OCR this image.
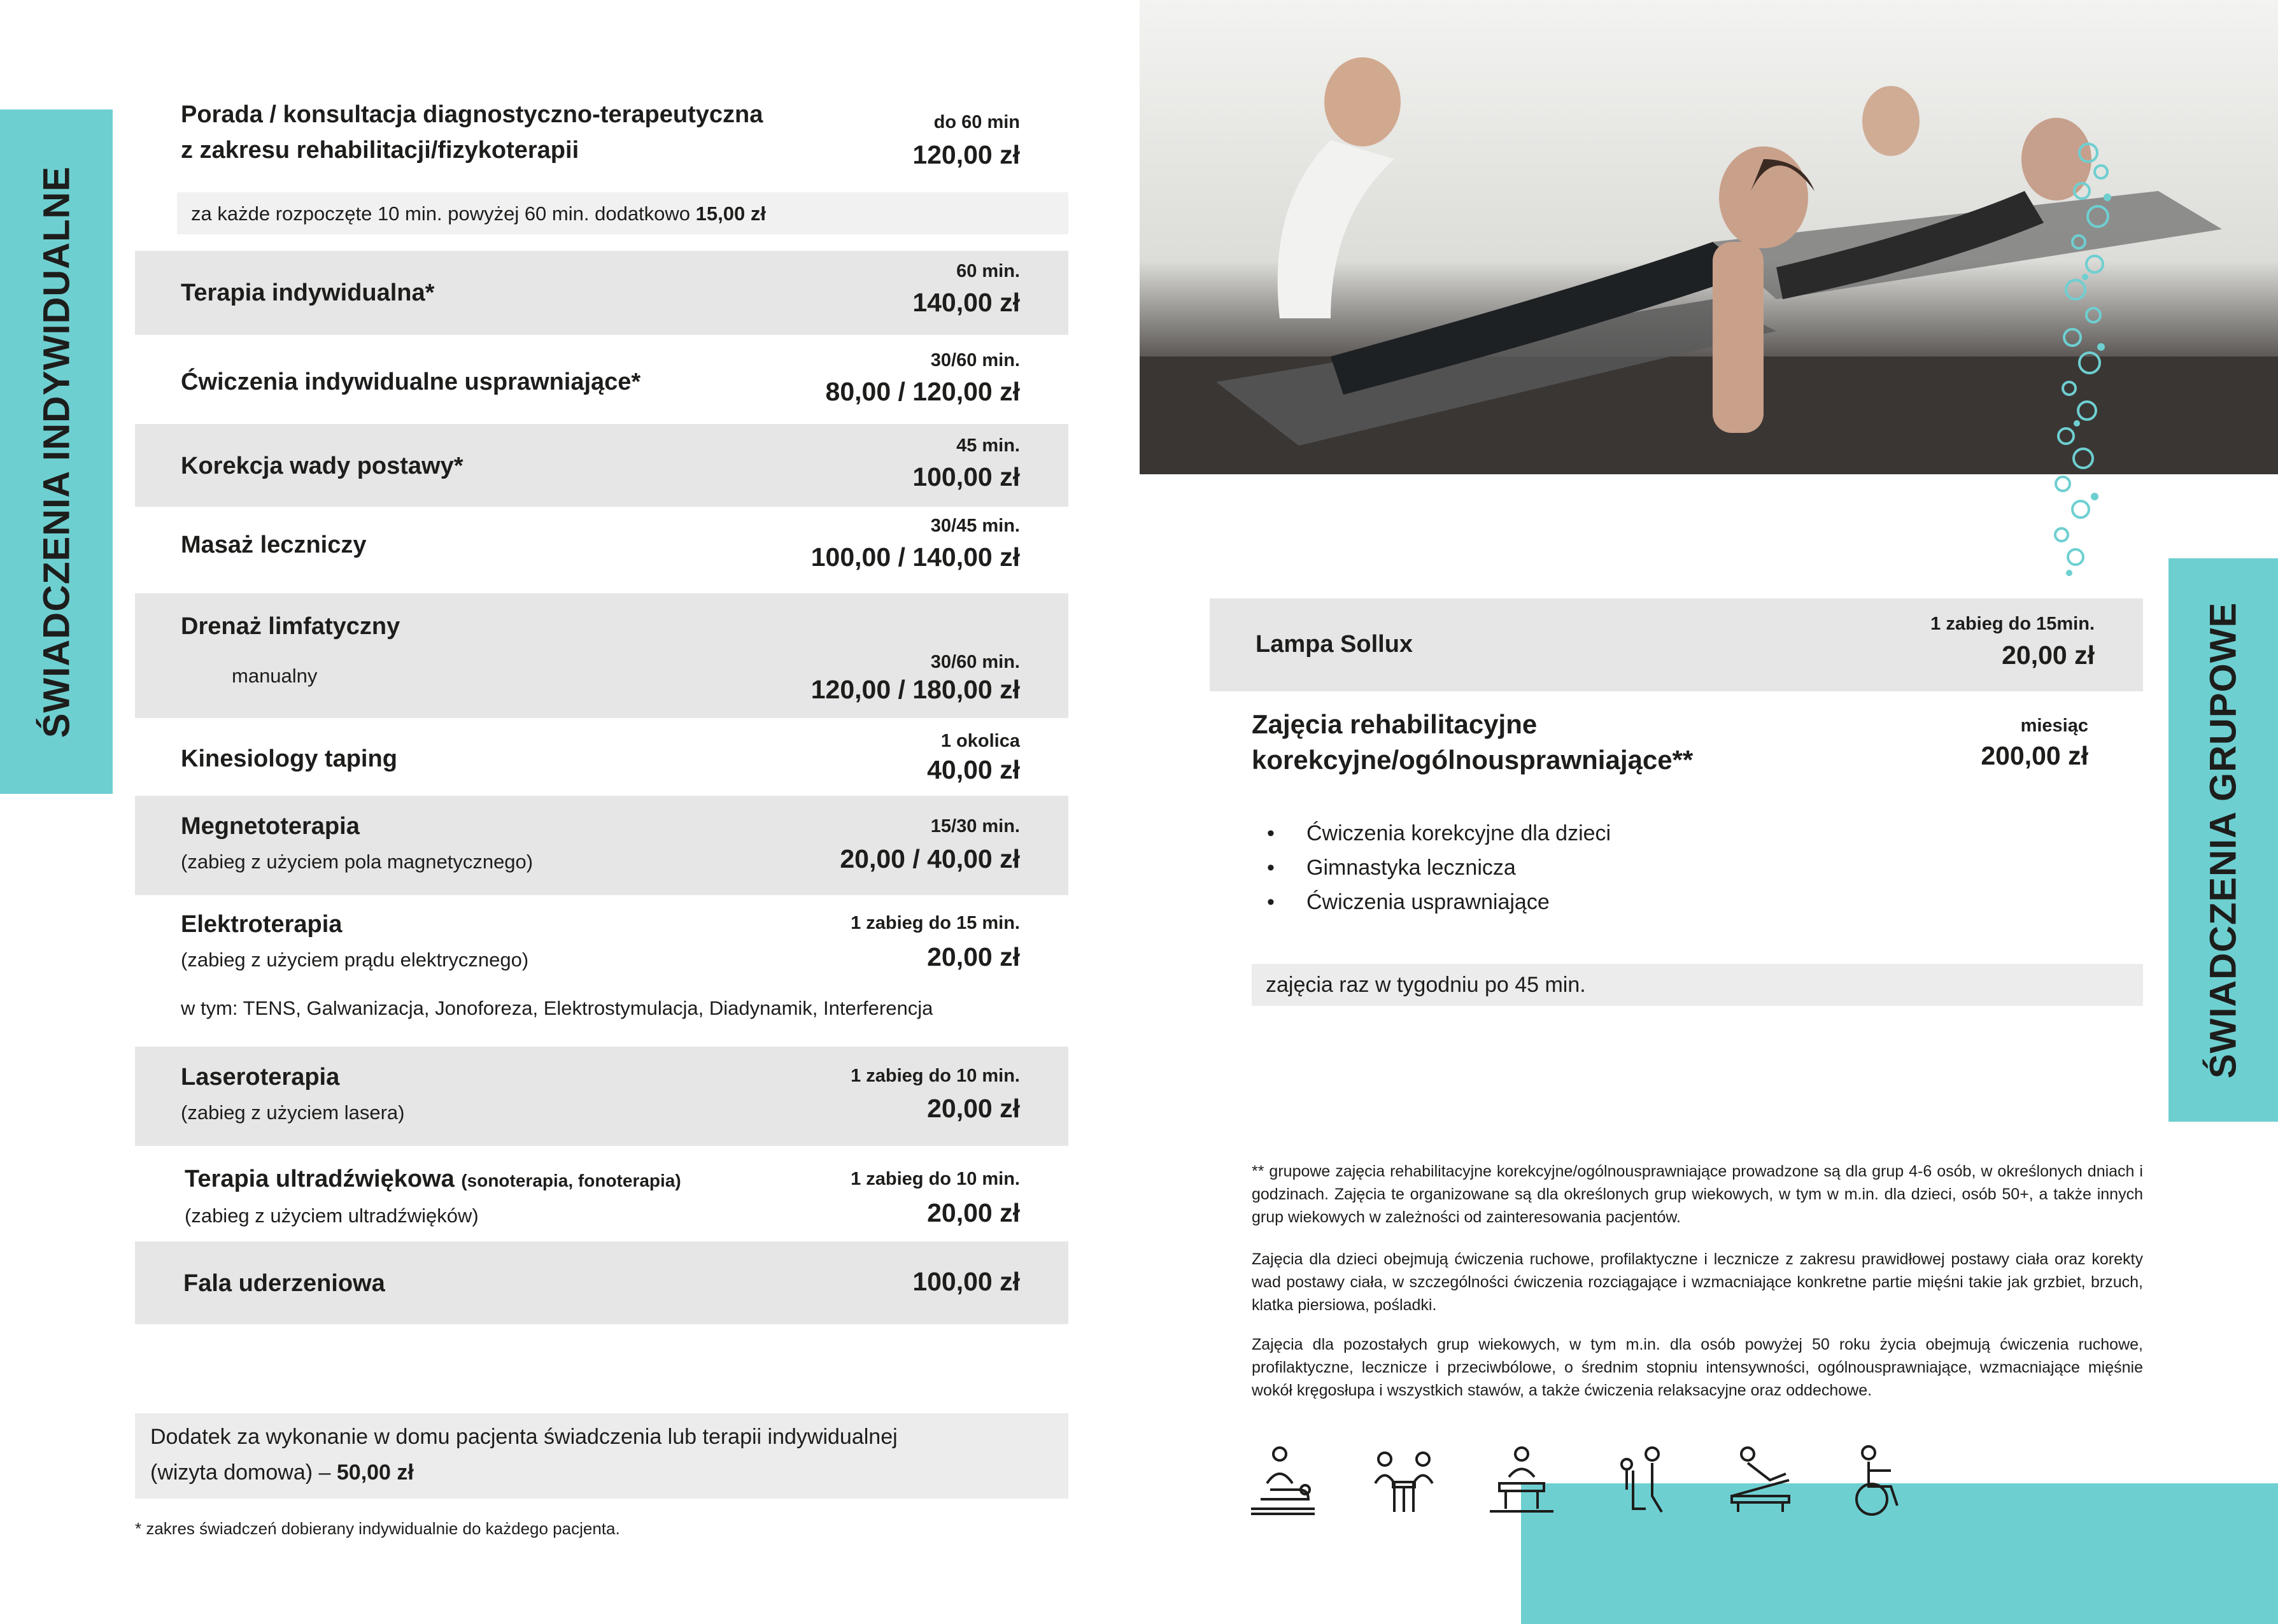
ŚWIADCZENIA INDYWIDUALNE
ŚWIADCZENIA GRUPOWE
Porada / konsultacja diagnostyczno-terapeutyczna
z zakresu rehabilitacji/fizykoterapii
do 60 min
120,00 zł
za każde rozpoczęte 10 min. powyżej 60 min. dodatkowo 15,00 zł
Terapia indywidualna*
60 min.
140,00 zł
Ćwiczenia indywidualne usprawniające*
30/60 min.
80,00 / 120,00 zł
Korekcja wady postawy*
45 min.
100,00 zł
Masaż leczniczy
30/45 min.
100,00 / 140,00 zł
Drenaż limfatyczny
manualny
30/60 min.
120,00 / 180,00 zł
Kinesiology taping
1 okolica
40,00 zł
Megnetoterapia
(zabieg z użyciem pola magnetycznego)
15/30 min.
20,00 / 40,00 zł
Elektroterapia
(zabieg z użyciem prądu elektrycznego)
1 zabieg do 15 min.
20,00 zł
w tym: TENS, Galwanizacja, Jonoforeza, Elektrostymulacja, Diadynamik, Interferencja
Laseroterapia
(zabieg z użyciem lasera)
1 zabieg do 10 min.
20,00 zł
Terapia ultradźwiękowa (sonoterapia, fonoterapia)
(zabieg z użyciem ultradźwięków)
1 zabieg do 10 min.
20,00 zł
Fala uderzeniowa	100,00 zł
Dodatek za wykonanie w domu pacjenta świadczenia lub terapii indywidualnej
(wizyta domowa) – 50,00 zł
* zakres świadczeń dobierany indywidualnie do każdego pacjenta.
Lampa Sollux
1 zabieg do 15min.
20,00 zł
Zajęcia rehabilitacyjne
korekcyjne/ogólnousprawniające**
miesiąc
200,00 zł
• Ćwiczenia korekcyjne dla dzieci
• Gimnastyka lecznicza
• Ćwiczenia usprawniające
zajęcia raz w tygodniu po 45 min.
** grupowe zajęcia rehabilitacyjne korekcyjne/ogólnousprawniające prowadzone są dla grup 4-6 osób, w określonych dniach i godzinach. Zajęcia te organizowane są dla określonych grup wiekowych, w tym w m.in. dla dzieci, osób 50+, a także innych grup wiekowych w zależności od zainteresowania pacjentów.
Zajęcia dla dzieci obejmują ćwiczenia ruchowe, profilaktyczne i lecznicze z zakresu prawidłowej postawy ciała oraz korekty wad postawy ciała, w szczególności ćwiczenia rozciągające i wzmacniające konkretne partie mięśni takie jak grzbiet, brzuch, klatka piersiowa, pośladki.
Zajęcia dla pozostałych grup wiekowych, w tym m.in. dla osób powyżej 50 roku życia obejmują ćwiczenia ruchowe, profilaktyczne, lecznicze i przeciwbólowe, o średnim stopniu intensywności, ogólnousprawniające, wzmacniające mięśnie wokół kręgosłupa i wszystkich stawów, a także ćwiczenia relaksacyjne oraz oddechowe.
